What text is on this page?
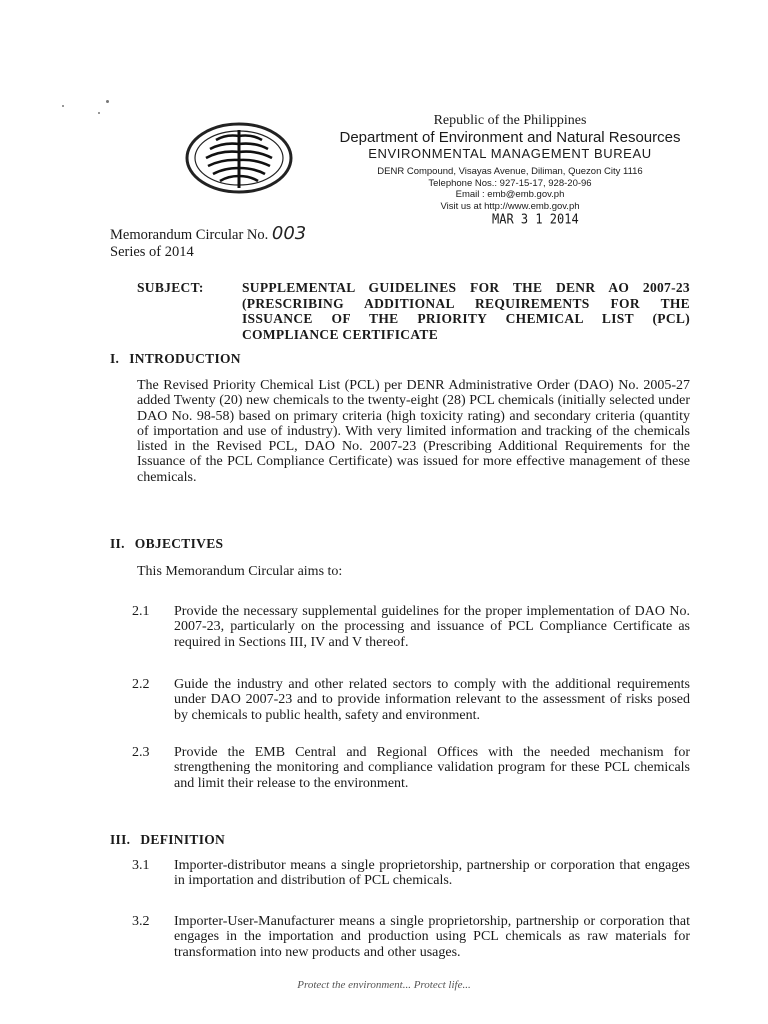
Republic of the Philippines
Department of Environment and Natural Resources
ENVIRONMENTAL MANAGEMENT BUREAU
DENR Compound, Visayas Avenue, Diliman, Quezon City 1116
Telephone Nos.: 927-15-17, 928-20-96
Email : emb@emb.gov.ph
Visit us at http://www.emb.gov.ph
MAR 3 1 2014
Memorandum Circular No. 003
Series of 2014
SUBJECT:	SUPPLEMENTAL GUIDELINES FOR THE DENR AO 2007-23 (PRESCRIBING ADDITIONAL REQUIREMENTS FOR THE ISSUANCE OF THE PRIORITY CHEMICAL LIST (PCL) COMPLIANCE CERTIFICATE
I. INTRODUCTION
The Revised Priority Chemical List (PCL) per DENR Administrative Order (DAO) No. 2005-27 added Twenty (20) new chemicals to the twenty-eight (28) PCL chemicals (initially selected under DAO No. 98-58) based on primary criteria (high toxicity rating) and secondary criteria (quantity of importation and use of industry). With very limited information and tracking of the chemicals listed in the Revised PCL, DAO No. 2007-23 (Prescribing Additional Requirements for the Issuance of the PCL Compliance Certificate) was issued for more effective management of these chemicals.
II. OBJECTIVES
This Memorandum Circular aims to:
2.1 Provide the necessary supplemental guidelines for the proper implementation of DAO No. 2007-23, particularly on the processing and issuance of PCL Compliance Certificate as required in Sections III, IV and V thereof.
2.2 Guide the industry and other related sectors to comply with the additional requirements under DAO 2007-23 and to provide information relevant to the assessment of risks posed by chemicals to public health, safety and environment.
2.3 Provide the EMB Central and Regional Offices with the needed mechanism for strengthening the monitoring and compliance validation program for these PCL chemicals and limit their release to the environment.
III. DEFINITION
3.1 Importer-distributor means a single proprietorship, partnership or corporation that engages in importation and distribution of PCL chemicals.
3.2 Importer-User-Manufacturer means a single proprietorship, partnership or corporation that engages in the importation and production using PCL chemicals as raw materials for transformation into new products and other usages.
Protect the environment... Protect life...
